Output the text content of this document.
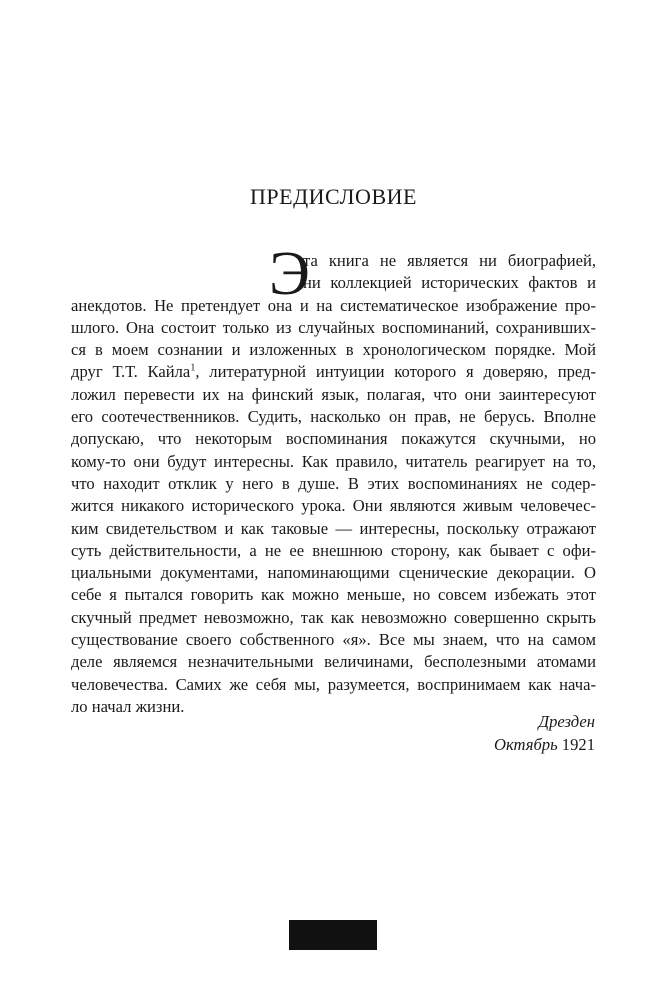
ПРЕДИСЛОВИЕ
Э
та книга не является ни биографией,
ни коллекцией исторических фактов и
анекдотов. Не претендует она и на систематическое изображение про-
шлого. Она состоит только из случайных воспоминаний, сохранивших-
ся в моем сознании и изложенных в хронологическом порядке. Мой
друг Т.Т. Кайла$^1$, литературной интуиции которого я доверяю, пред-
ложил перевести их на финский язык, полагая, что они заинтересуют
его соотечественников. Судить, насколько он прав, не берусь. Вполне
допускаю, что некоторым воспоминания покажутся скучными, но
кому-то они будут интересны. Как правило, читатель реагирует на то,
что находит отклик у него в душе. В этих воспоминаниях не содер-
жится никакого исторического урока. Они являются живым человечес-
ким свидетельством и как таковые — интересны, поскольку отражают
суть действительности, а не ее внешнюю сторону, как бывает с офи-
циальными документами, напоминающими сценические декорации. О
себе я пытался говорить как можно меньше, но совсем избежать этот
скучный предмет невозможно, так как невозможно совершенно скрыть
существование своего собственного «я». Все мы знаем, что на самом
деле являемся незначительными величинами, бесполезными атомами
человечества. Самих же себя мы, разумеется, воспринимаем как нача-
ло начал жизни.
Дрезден
Октябрь 1921
